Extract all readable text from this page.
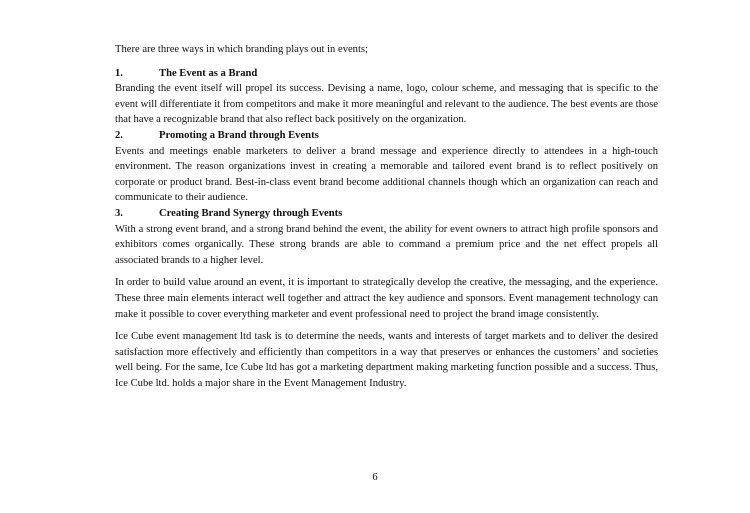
There are three ways in which branding plays out in events;

1.	The Event as a Brand

Branding the event itself will propel its success. Devising a name, logo, colour scheme, and messaging that is specific to the event will differentiate it from competitors and make it more meaningful and relevant to the audience. The best events are those that have a recognizable brand that also reflect back positively on the organization.

2.	Promoting a Brand through Events

Events and meetings enable marketers to deliver a brand message and experience directly to attendees in a high-touch environment. The reason organizations invest in creating a memorable and tailored event brand is to reflect positively on corporate or product brand. Best-in-class event brand become additional channels though which an organization can reach and communicate to their audience.

3.	Creating Brand Synergy through Events

With a strong event brand, and a strong brand behind the event, the ability for event owners to attract high profile sponsors and exhibitors comes organically. These strong brands are able to command a premium price and the net effect propels all associated brands to a higher level.

In order to build value around an event, it is important to strategically develop the creative, the messaging, and the experience. These three main elements interact well together and attract the key audience and sponsors. Event management technology can make it possible to cover everything marketer and event professional need to project the brand image consistently.

Ice Cube event management ltd task is to determine the needs, wants and interests of target markets and to deliver the desired satisfaction more effectively and efficiently than competitors in a way that preserves or enhances the customers’ and societies well being. For the same, Ice Cube ltd has got a marketing department making marketing function possible and a success. Thus, Ice Cube ltd. holds a major share in the Event Management Industry.

6
